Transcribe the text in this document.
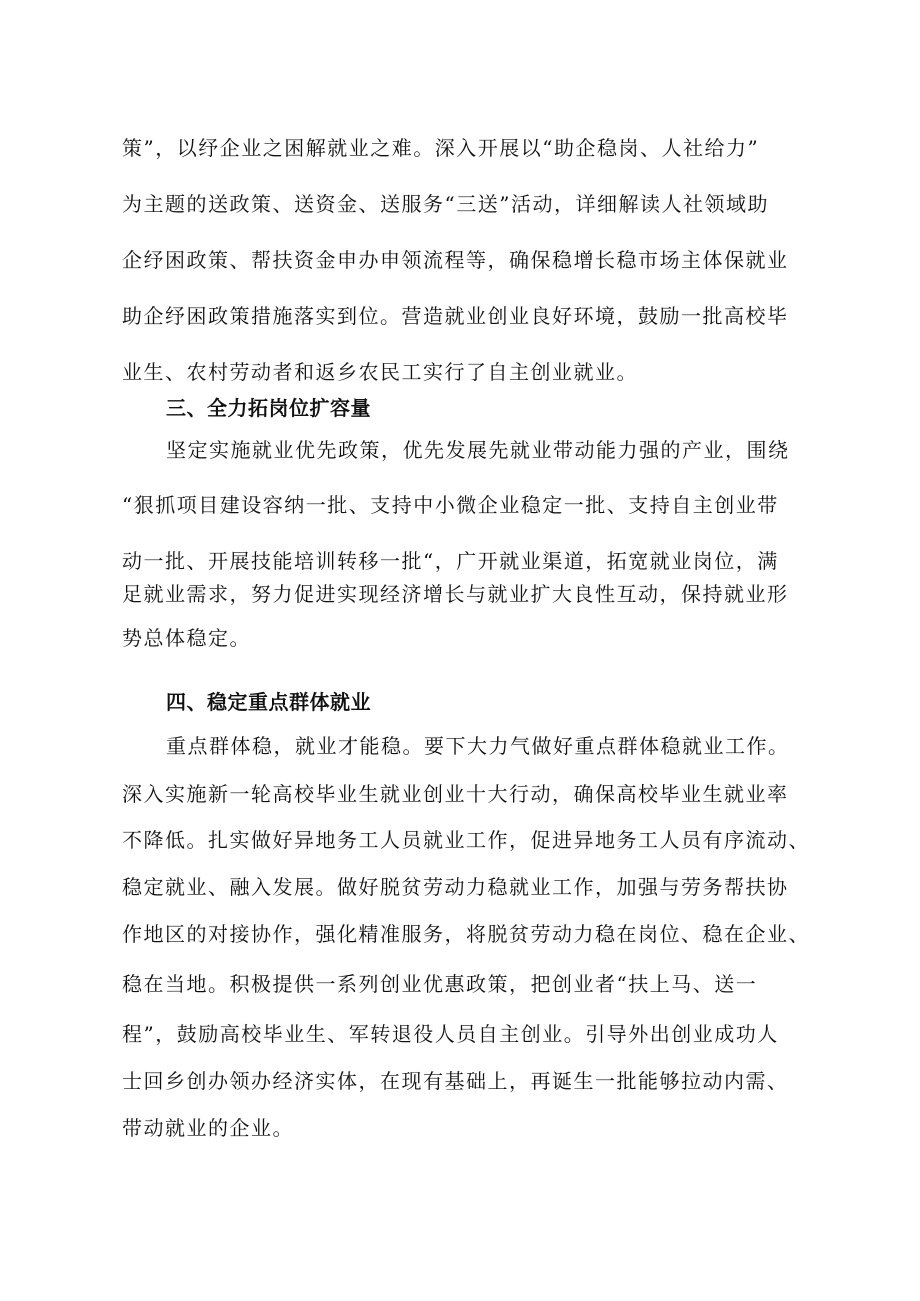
策”，以纾企业之困解就业之难。深入开展以“助企稳岗、人社给力”
为主题的送政策、送资金、送服务“三送”活动，详细解读人社领域助
企纾困政策、帮扶资金申办申领流程等，确保稳增长稳市场主体保就业
助企纾困政策措施落实到位。营造就业创业良好环境，鼓励一批高校毕
业生、农村劳动者和返乡农民工实行了自主创业就业。
三、全力拓岗位扩容量
坚定实施就业优先政策，优先发展先就业带动能力强的产业，围绕
“狠抓项目建设容纳一批、支持中小微企业稳定一批、支持自主创业带
动一批、开展技能培训转移一批“，广开就业渠道，拓宽就业岗位，满
足就业需求，努力促进实现经济增长与就业扩大良性互动，保持就业形
势总体稳定。
四、稳定重点群体就业
重点群体稳，就业才能稳。要下大力气做好重点群体稳就业工作。
深入实施新一轮高校毕业生就业创业十大行动，确保高校毕业生就业率
不降低。扎实做好异地务工人员就业工作，促进异地务工人员有序流动、
稳定就业、融入发展。做好脱贫劳动力稳就业工作，加强与劳务帮扶协
作地区的对接协作，强化精准服务，将脱贫劳动力稳在岗位、稳在企业、
稳在当地。积极提供一系列创业优惠政策，把创业者“扶上马、送一
程”，鼓励高校毕业生、军转退役人员自主创业。引导外出创业成功人
士回乡创办领办经济实体，在现有基础上，再诞生一批能够拉动内需、
带动就业的企业。
